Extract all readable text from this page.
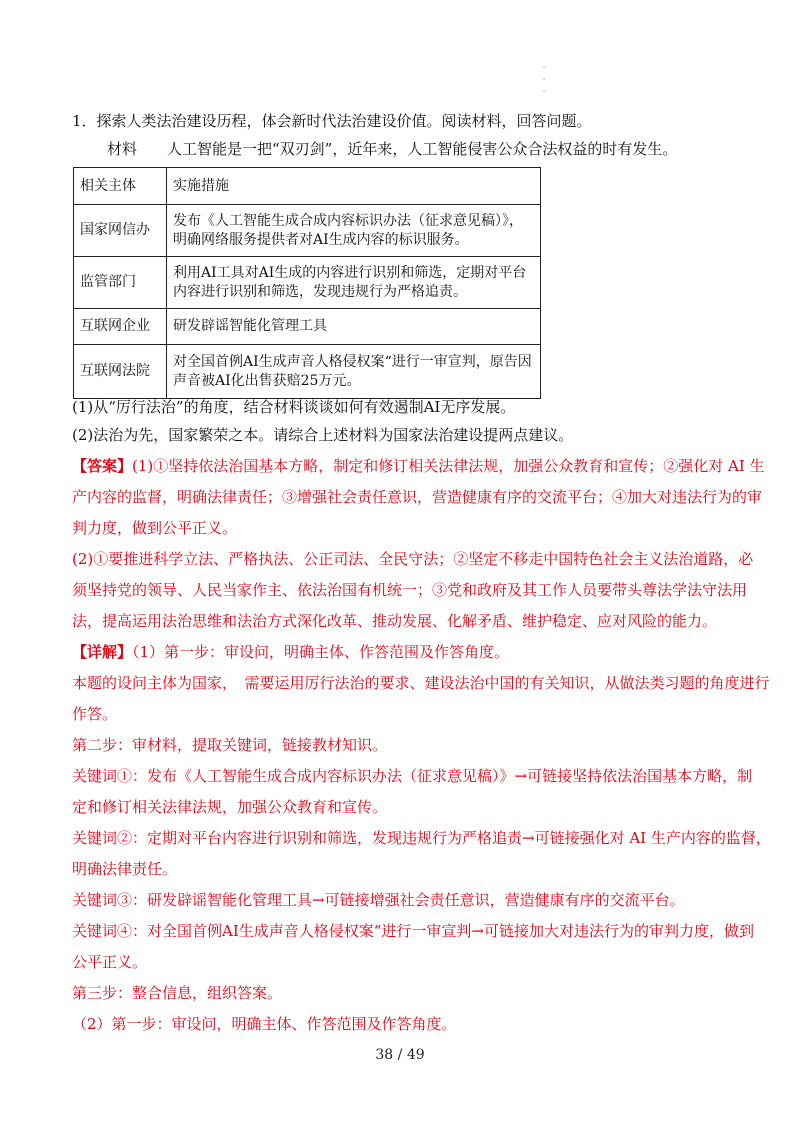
·
·
·
1．探索人类法治建设历程，体会新时代法治建设价值。阅读材料，回答问题。
材料 人工智能是一把“双刃剑”，近年来，人工智能侵害公众合法权益的时有发生。
相关主体	实施措施
国家网信办	发布《人工智能生成合成内容标识办法（征求意见稿）》，明确网络服务提供者对AI生成内容的标识服务。
监管部门	利用AI工具对AI生成的内容进行识别和筛选，定期对平台内容进行识别和筛选，发现违规行为严格追责。
互联网企业	研发辟谣智能化管理工具
互联网法院	对全国首例AI生成声音人格侵权案“进行一审宣判，原告因声音被AI化出售获赔25万元。
(1)从“厉行法治”的角度，结合材料谈谈如何有效遏制AI无序发展。
(2)法治为先，国家繁荣之本。请综合上述材料为国家法治建设提两点建议。
【答案】(1)①坚持依法治国基本方略，制定和修订相关法律法规，加强公众教育和宣传；②强化对 AI 生
产内容的监督，明确法律责任；③增强社会责任意识，营造健康有序的交流平台；④加大对违法行为的审
判力度，做到公平正义。
(2)①要推进科学立法、严格执法、公正司法、全民守法；②坚定不移走中国特色社会主义法治道路，必
须坚持党的领导、人民当家作主、依法治国有机统一；③党和政府及其工作人员要带头尊法学法守法用
法，提高运用法治思维和法治方式深化改革、推动发展、化解矛盾、维护稳定、应对风险的能力。
【详解】（1）第一步：审设问，明确主体、作答范围及作答角度。
本题的设问主体为国家，　需要运用厉行法治的要求、建设法治中国的有关知识，从做法类习题的角度进行
作答。
第二步：审材料，提取关键词，链接教材知识。
关键词①：发布《人工智能生成合成内容标识办法（征求意见稿）》→可链接坚持依法治国基本方略，制
定和修订相关法律法规，加强公众教育和宣传。
关键词②：定期对平台内容进行识别和筛选，发现违规行为严格追责→可链接强化对 AI 生产内容的监督，
明确法律责任。
关键词③：研发辟谣智能化管理工具→可链接增强社会责任意识，营造健康有序的交流平台。
关键词④：对全国首例AI生成声音人格侵权案“进行一审宣判→可链接加大对违法行为的审判力度，做到
公平正义。
第三步：整合信息，组织答案。
（2）第一步：审设问，明确主体、作答范围及作答角度。
38 / 49
